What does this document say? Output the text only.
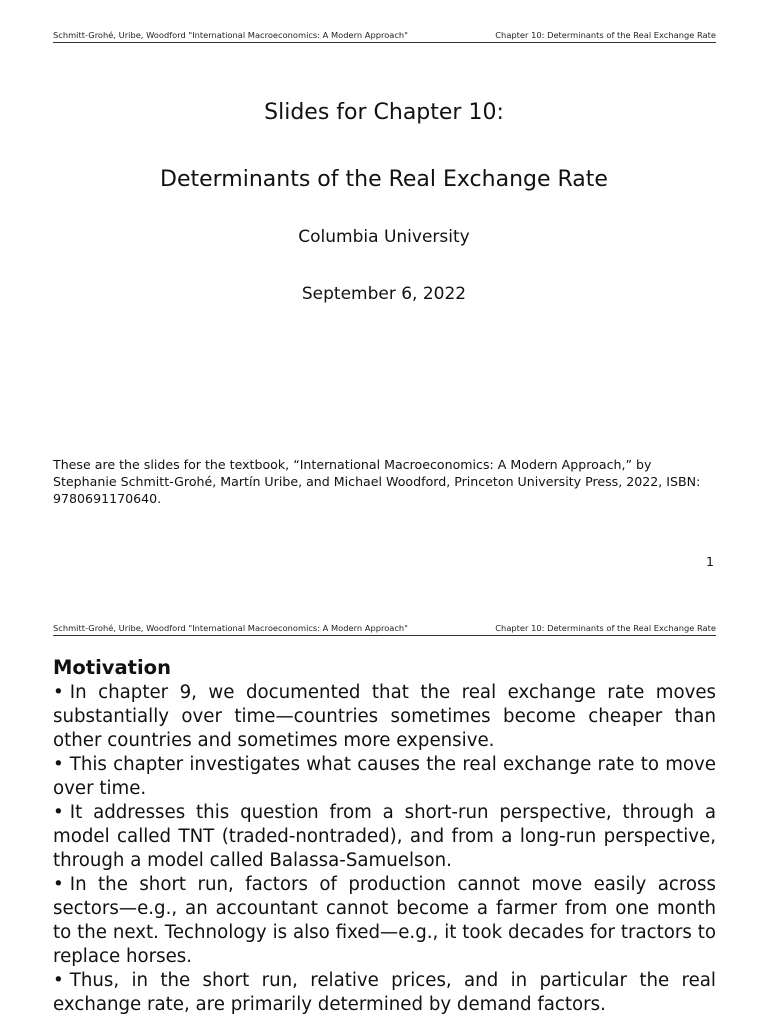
Schmitt-Grohé, Uribe, Woodford "International Macroeconomics: A Modern Approach"	Chapter 10: Determinants of the Real Exchange Rate
Slides for Chapter 10:
Determinants of the Real Exchange Rate
Columbia University
September 6, 2022

These are the slides for the textbook, “International Macroeconomics: A Modern Approach,” by Stephanie Schmitt-Grohé, Martín Uribe, and Michael Woodford, Princeton University Press, 2022, ISBN: 9780691170640.

1
Schmitt-Grohé, Uribe, Woodford "International Macroeconomics: A Modern Approach"	Chapter 10: Determinants of the Real Exchange Rate
Motivation
• In chapter 9, we documented that the real exchange rate moves substantially over time—countries sometimes become cheaper than other countries and sometimes more expensive.
• This chapter investigates what causes the real exchange rate to move over time.
• It addresses this question from a short-run perspective, through a model called TNT (traded-nontraded), and from a long-run perspective, through a model called Balassa-Samuelson.
• In the short run, factors of production cannot move easily across sectors—e.g., an accountant cannot become a farmer from one month to the next. Technology is also fixed—e.g., it took decades for tractors to replace horses.
• Thus, in the short run, relative prices, and in particular the real exchange rate, are primarily determined by demand factors.
